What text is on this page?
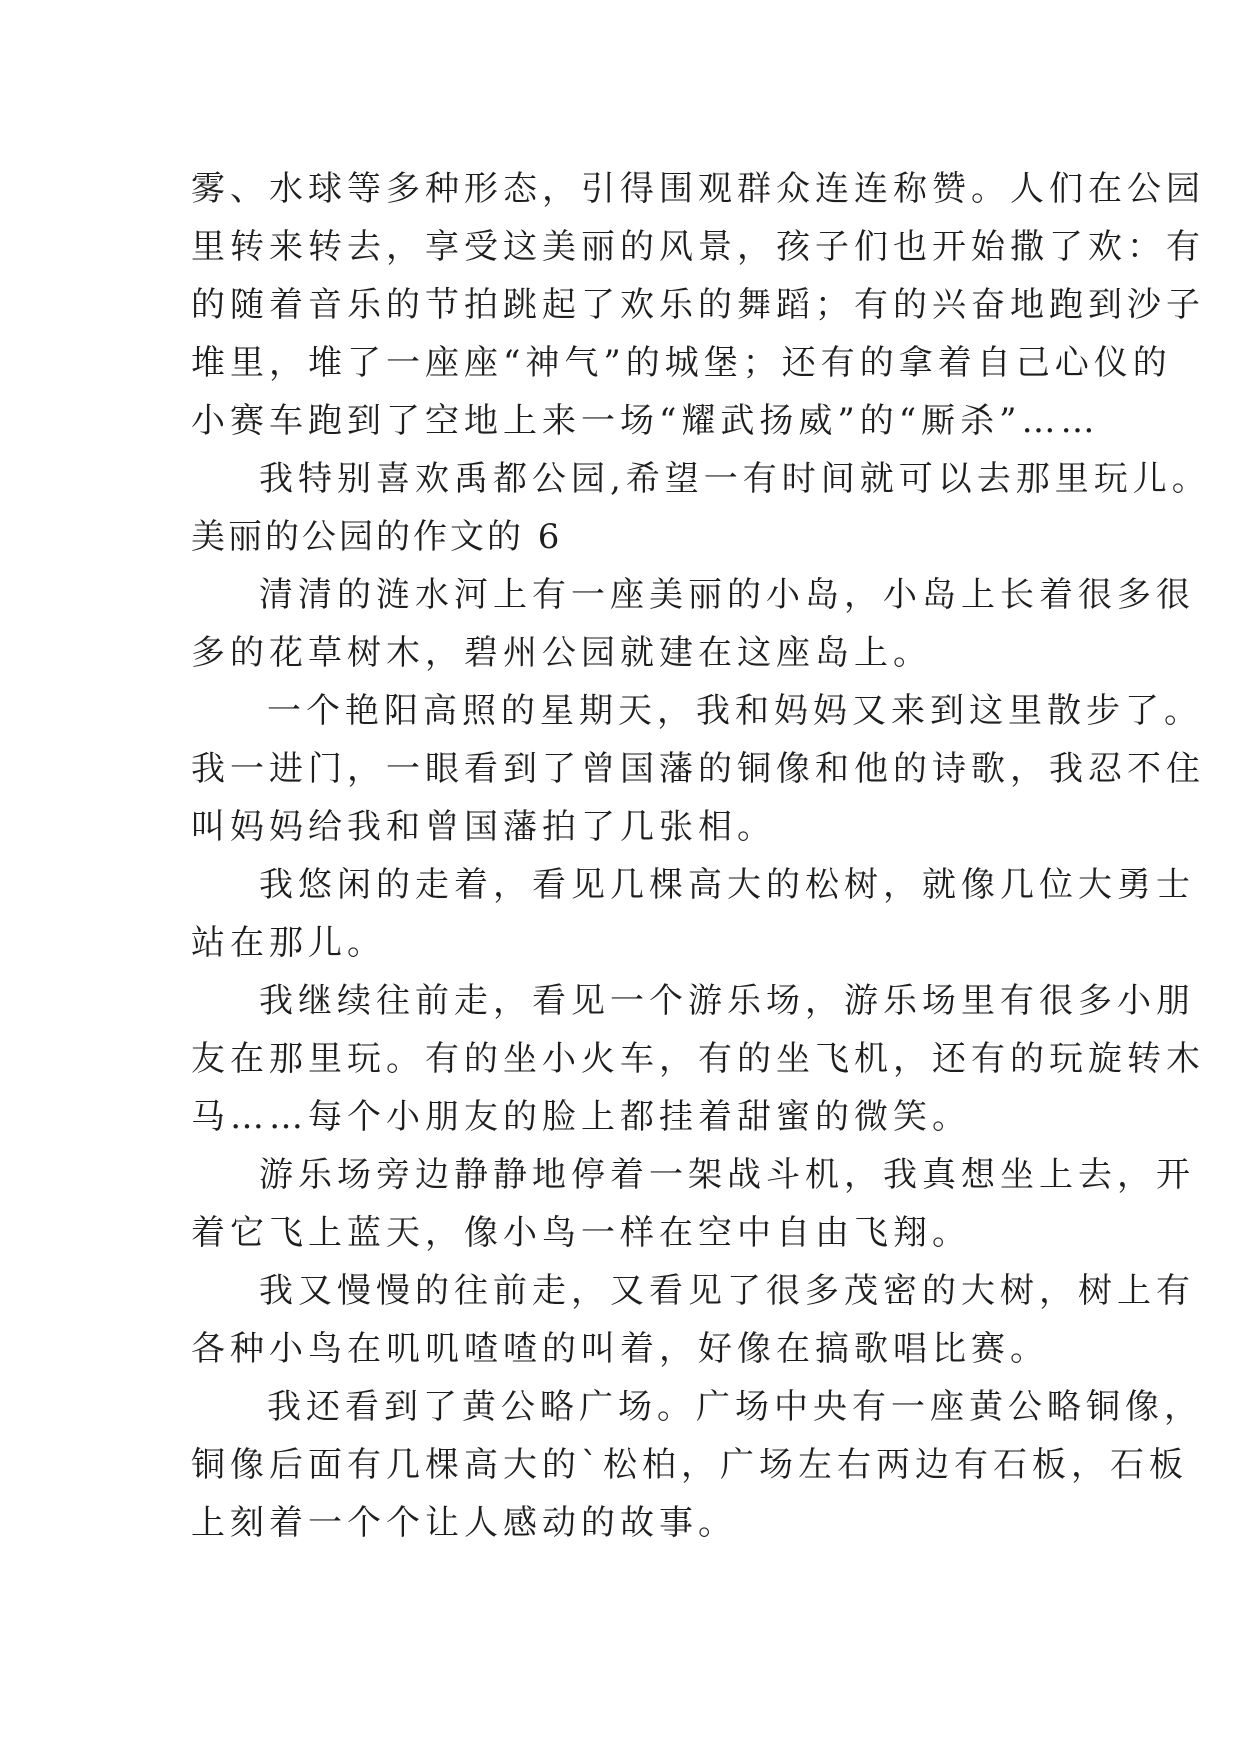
雾、水球等多种形态，引得围观群众连连称赞。人们在公园
里转来转去，享受这美丽的风景，孩子们也开始撒了欢：有
的随着音乐的节拍跳起了欢乐的舞蹈；有的兴奋地跑到沙子
堆里，堆了一座座“神气”的城堡；还有的拿着自己心仪的
小赛车跑到了空地上来一场“耀武扬威”的“厮杀”……
我特别喜欢禹都公园,希望一有时间就可以去那里玩儿。
美丽的公园的作文的 6
清清的涟水河上有一座美丽的小岛，小岛上长着很多很
多的花草树木，碧州公园就建在这座岛上。
一个艳阳高照的星期天，我和妈妈又来到这里散步了。
我一进门，一眼看到了曾国藩的铜像和他的诗歌，我忍不住
叫妈妈给我和曾国藩拍了几张相。
我悠闲的走着，看见几棵高大的松树，就像几位大勇士
站在那儿。
我继续往前走，看见一个游乐场，游乐场里有很多小朋
友在那里玩。有的坐小火车，有的坐飞机，还有的玩旋转木
马……每个小朋友的脸上都挂着甜蜜的微笑。
游乐场旁边静静地停着一架战斗机，我真想坐上去，开
着它飞上蓝天，像小鸟一样在空中自由飞翔。
我又慢慢的往前走，又看见了很多茂密的大树，树上有
各种小鸟在叽叽喳喳的叫着，好像在搞歌唱比赛。
我还看到了黄公略广场。广场中央有一座黄公略铜像，
铜像后面有几棵高大的`松柏，广场左右两边有石板，石板
上刻着一个个让人感动的故事。
